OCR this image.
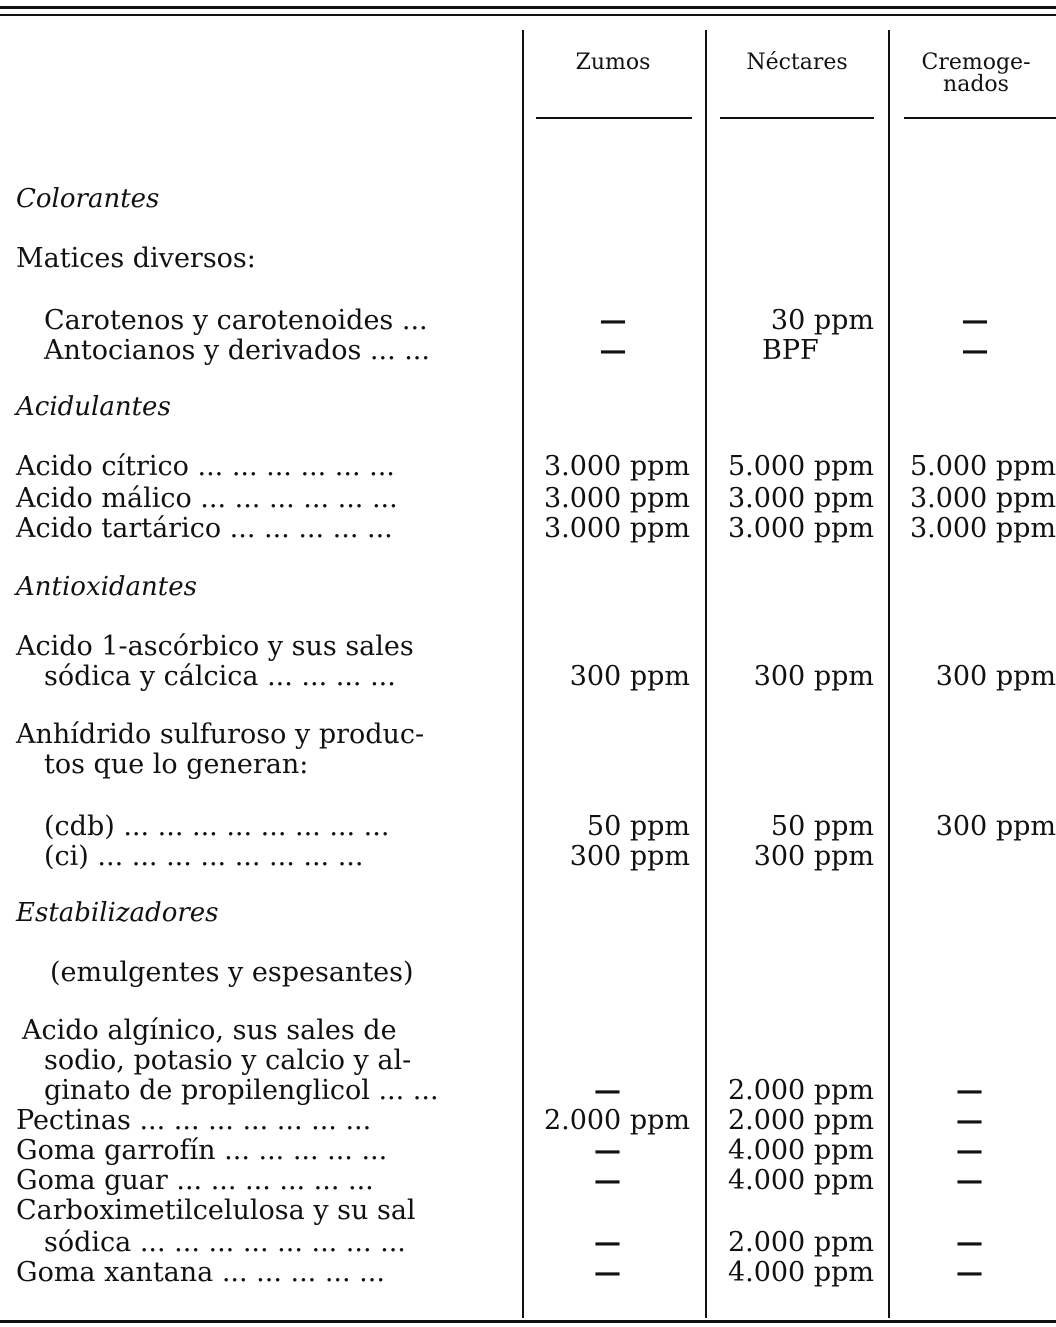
Zumos	Néctares	Cremoge-
nados
Colorantes
Matices diversos:
Carotenos y carotenoides ...	—	30 ppm	—
Antocianos y derivados ... ...	—	BPF	—
Acidulantes
Acido cítrico ... ... ... ... ... ...	3.000 ppm	5.000 ppm	5.000 ppm
Acido málico ... ... ... ... ... ...	3.000 ppm	3.000 ppm	3.000 ppm
Acido tartárico ... ... ... ... ...	3.000 ppm	3.000 ppm	3.000 ppm
Antioxidantes
Acido 1-ascórbico y sus sales
sódica y cálcica ... ... ... ...	300 ppm	300 ppm	300 ppm
Anhídrido sulfuroso y produc-
tos que lo generan:
(cdb) ... ... ... ... ... ... ... ...	50 ppm	50 ppm	300 ppm
(ci) ... ... ... ... ... ... ... ...	300 ppm	300 ppm
Estabilizadores
(emulgentes y espesantes)
Acido algínico, sus sales de
sodio, potasio y calcio y al-
ginato de propilenglicol ... ...	—	2.000 ppm	—
Pectinas ... ... ... ... ... ... ...	2.000 ppm	2.000 ppm	—
Goma garrofín ... ... ... ... ...	—	4.000 ppm	—
Goma guar ... ... ... ... ... ...	—	4.000 ppm	—
Carboximetilcelulosa y su sal
sódica ... ... ... ... ... ... ... ...	—	2.000 ppm	—
Goma xantana ... ... ... ... ...	—	4.000 ppm	—
